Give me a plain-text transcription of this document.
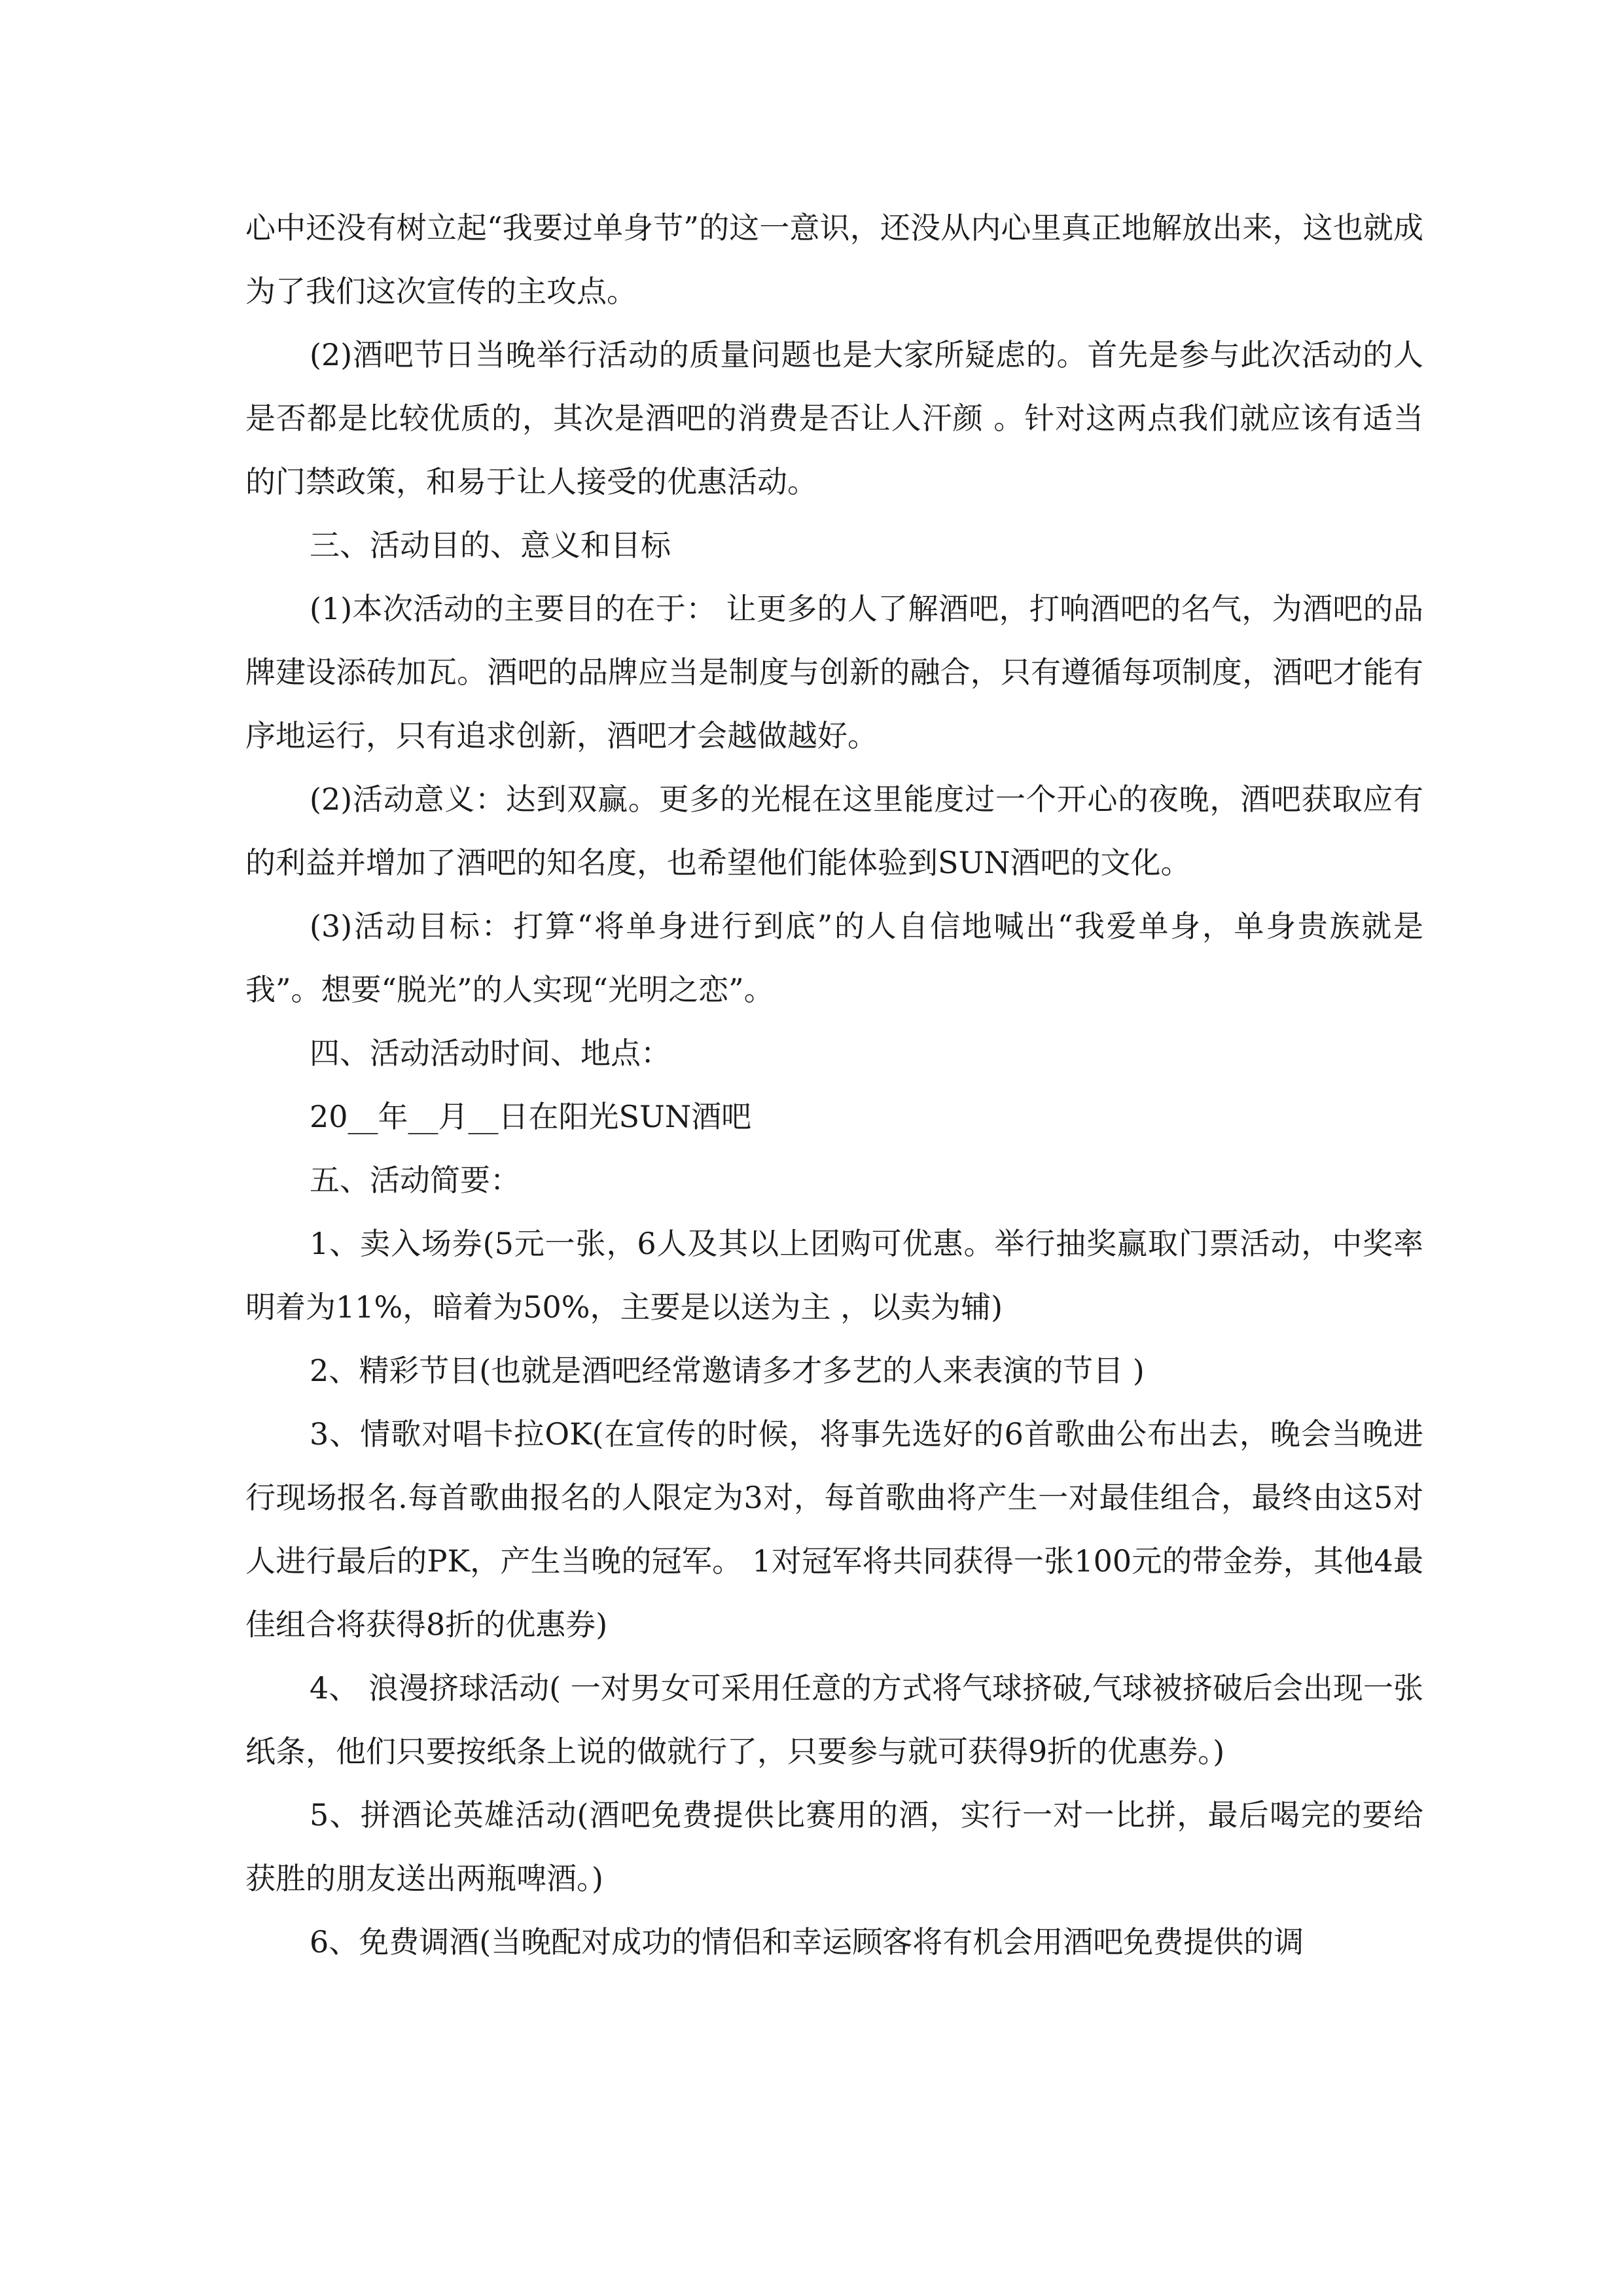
心中还没有树立起“我要过单身节”的这一意识，还没从内心里真正地解放出来，这也就成为了我们这次宣传的主攻点。

(2)酒吧节日当晚举行活动的质量问题也是大家所疑虑的。首先是参与此次活动的人是否都是比较优质的，其次是酒吧的消费是否让人汗颜 。针对这两点我们就应该有适当的门禁政策，和易于让人接受的优惠活动。

三、活动目的、意义和目标

(1)本次活动的主要目的在于： 让更多的人了解酒吧，打响酒吧的名气，为酒吧的品牌建设添砖加瓦。酒吧的品牌应当是制度与创新的融合，只有遵循每项制度，酒吧才能有序地运行，只有追求创新，酒吧才会越做越好。

(2)活动意义：达到双赢。更多的光棍在这里能度过一个开心的夜晚，酒吧获取应有的利益并增加了酒吧的知名度，也希望他们能体验到SUN酒吧的文化。

(3)活动目标：打算“将单身进行到底”的人自信地喊出“我爱单身，单身贵族就是我”。想要“脱光”的人实现“光明之恋”。

四、活动活动时间、地点：

20__年__月__日在阳光SUN酒吧

五、活动简要：

1、卖入场券(5元一张，6人及其以上团购可优惠。举行抽奖赢取门票活动，中奖率明着为11%，暗着为50%，主要是以送为主 ，以卖为辅)

2、精彩节目(也就是酒吧经常邀请多才多艺的人来表演的节目 )

3、情歌对唱卡拉OK(在宣传的时候，将事先选好的6首歌曲公布出去，晚会当晚进行现场报名.每首歌曲报名的人限定为3对，每首歌曲将产生一对最佳组合，最终由这5对人进行最后的PK，产生当晚的冠军。 1对冠军将共同获得一张100元的带金券，其他4最佳组合将获得8折的优惠券)

4、 浪漫挤球活动( 一对男女可采用任意的方式将气球挤破,气球被挤破后会出现一张纸条，他们只要按纸条上说的做就行了，只要参与就可获得9折的优惠券。)

5、拼酒论英雄活动(酒吧免费提供比赛用的酒，实行一对一比拼，最后喝完的要给获胜的朋友送出两瓶啤酒。)

6、免费调酒(当晚配对成功的情侣和幸运顾客将有机会用酒吧免费提供的调
